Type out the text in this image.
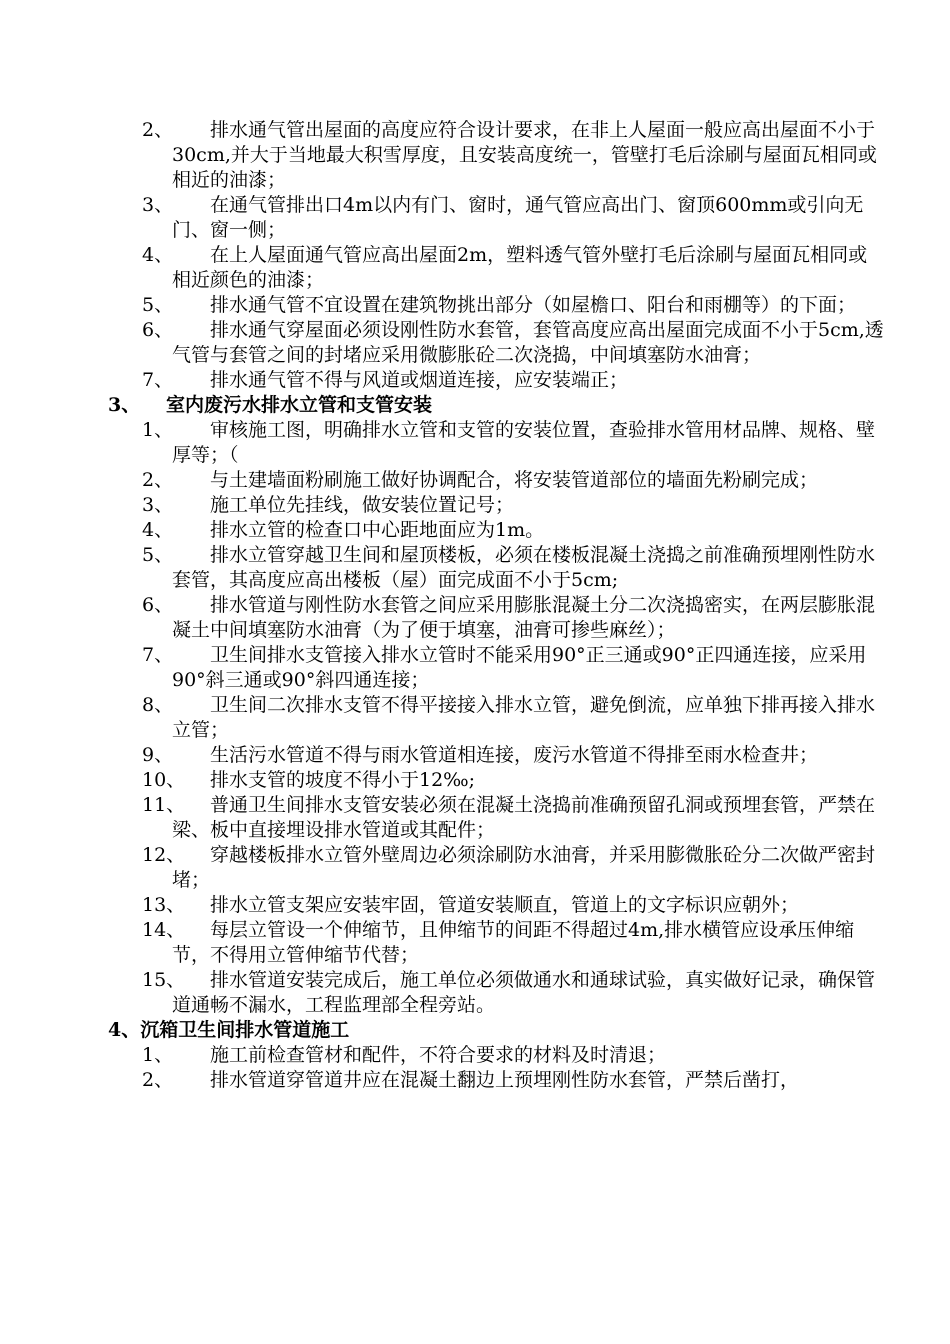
2、	排水通气管出屋面的高度应符合设计要求，在非上人屋面一般应高出屋面不小于30cm,并大于当地最大积雪厚度，且安装高度统一，管壁打毛后涂刷与屋面瓦相同或相近的油漆；
3、	在通气管排出口4m以内有门、窗时，通气管应高出门、窗顶600mm或引向无门、窗一侧；
4、	在上人屋面通气管应高出屋面2m，塑料透气管外壁打毛后涂刷与屋面瓦相同或相近颜色的油漆；
5、	排水通气管不宜设置在建筑物挑出部分（如屋檐口、阳台和雨棚等）的下面；
6、	排水通气穿屋面必须设刚性防水套管，套管高度应高出屋面完成面不小于5cm,透气管与套管之间的封堵应采用微膨胀砼二次浇捣，中间填塞防水油膏；
7、	排水通气管不得与风道或烟道连接，应安装端正；
3、 室内废污水排水立管和支管安装
1、	审核施工图，明确排水立管和支管的安装位置，查验排水管用材品牌、规格、壁厚等；（
2、	与土建墙面粉刷施工做好协调配合，将安装管道部位的墙面先粉刷完成；
3、	施工单位先挂线，做安装位置记号；
4、	排水立管的检查口中心距地面应为1m。
5、	排水立管穿越卫生间和屋顶楼板，必须在楼板混凝土浇捣之前准确预埋刚性防水套管，其高度应高出楼板（屋）面完成面不小于5cm;
6、	排水管道与刚性防水套管之间应采用膨胀混凝土分二次浇捣密实，在两层膨胀混凝土中间填塞防水油膏（为了便于填塞，油膏可掺些麻丝）；
7、	卫生间排水支管接入排水立管时不能采用90°正三通或90°正四通连接，应采用90°斜三通或90°斜四通连接；
8、	卫生间二次排水支管不得平接接入排水立管，避免倒流，应单独下排再接入排水立管；
9、	生活污水管道不得与雨水管道相连接，废污水管道不得排至雨水检查井；
10、	排水支管的坡度不得小于12‰;
11、	普通卫生间排水支管安装必须在混凝土浇捣前准确预留孔洞或预埋套管，严禁在梁、板中直接埋设排水管道或其配件；
12、	穿越楼板排水立管外壁周边必须涂刷防水油膏，并采用膨微胀砼分二次做严密封堵；
13、	排水立管支架应安装牢固，管道安装顺直，管道上的文字标识应朝外；
14、	每层立管设一个伸缩节，且伸缩节的间距不得超过4m,排水横管应设承压伸缩节，不得用立管伸缩节代替；
15、	排水管道安装完成后，施工单位必须做通水和通球试验，真实做好记录，确保管道通畅不漏水，工程监理部全程旁站。
4、沉箱卫生间排水管道施工
1、	施工前检查管材和配件，不符合要求的材料及时清退；
2、	排水管道穿管道井应在混凝土翻边上预埋刚性防水套管，严禁后凿打，
